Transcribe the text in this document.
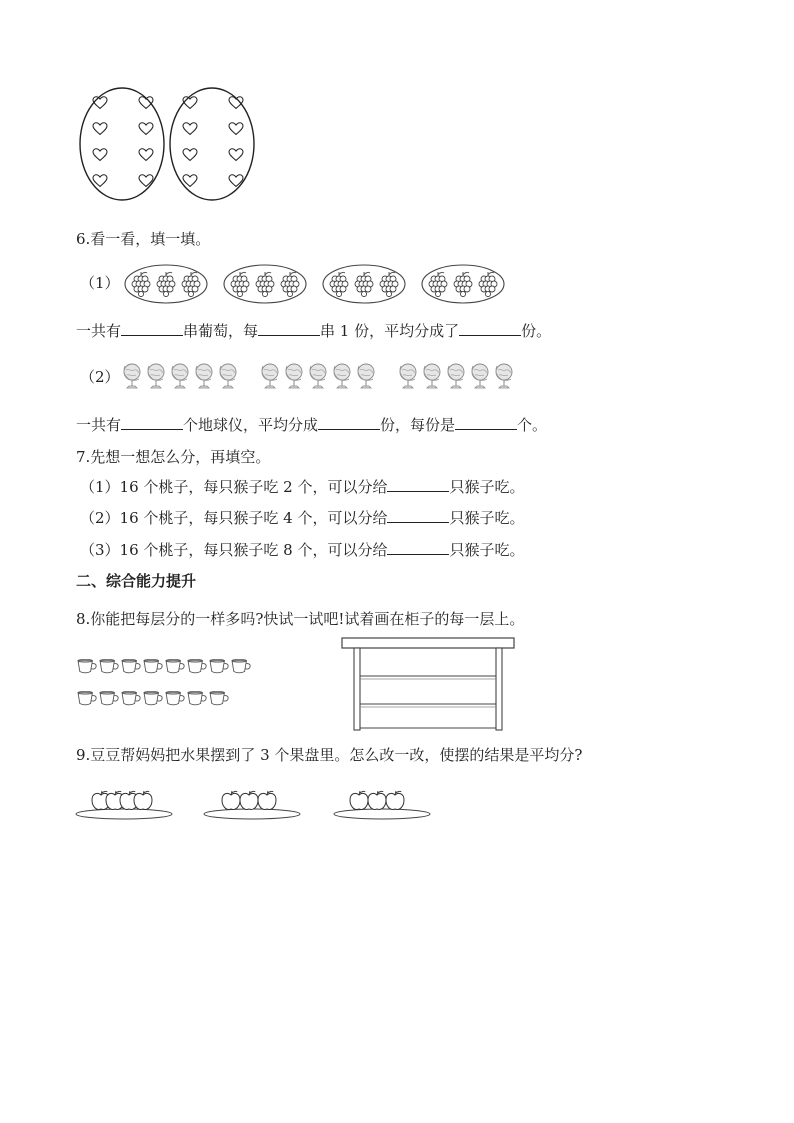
6.看一看，填一填。
（1）
一共有	串葡萄，每	串 1 份，平均分成了	份。
（2）
一共有	个地球仪，平均分成	份，每份是	个。
7.先想一想怎么分，再填空。
（1）16 个桃子，每只猴子吃 2 个，可以分给	只猴子吃。
（2）16 个桃子，每只猴子吃 4 个，可以分给	只猴子吃。
（3）16 个桃子，每只猴子吃 8 个，可以分给	只猴子吃。
二、综合能力提升
8.你能把每层分的一样多吗?快试一试吧!试着画在柜子的每一层上。
9.豆豆帮妈妈把水果摆到了 3 个果盘里。怎么改一改，使摆的结果是平均分?
